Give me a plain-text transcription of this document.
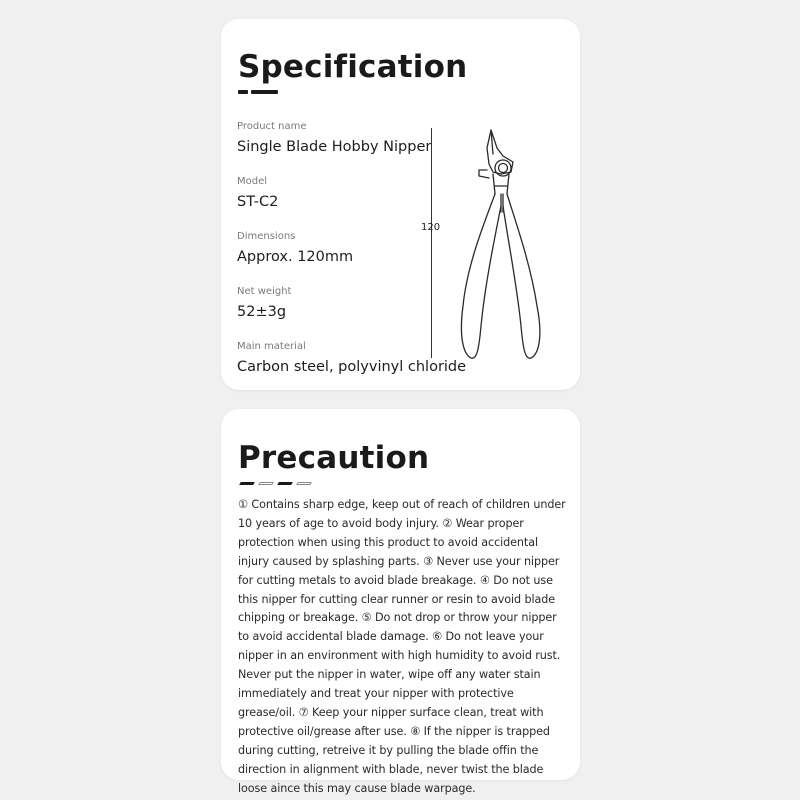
Specification
Product name
Single Blade Hobby Nipper
Model
ST-C2
Dimensions
Approx. 120mm
Net weight
52±3g
Main material
Carbon steel, polyvinyl chloride
120
Precaution

① Contains sharp edge, keep out of reach of children under 10 years of age to avoid body injury. ② Wear proper protection when using this product to avoid accidental injury caused by splashing parts. ③ Never use your nipper for cutting metals to avoid blade breakage. ④ Do not use this nipper for cutting clear runner or resin to avoid blade chipping or breakage. ⑤ Do not drop or throw your nipper to avoid accidental blade damage. ⑥ Do not leave your nipper in an environment with high humidity to avoid rust. Never put the nipper in water, wipe off any water stain immediately and treat your nipper with protective grease/oil. ⑦ Keep your nipper surface clean, treat with protective oil/grease after use. ⑧ If the nipper is trapped during cutting, retreive it by pulling the blade offin the direction in alignment with blade, never twist the blade loose aince this may cause blade warpage.
